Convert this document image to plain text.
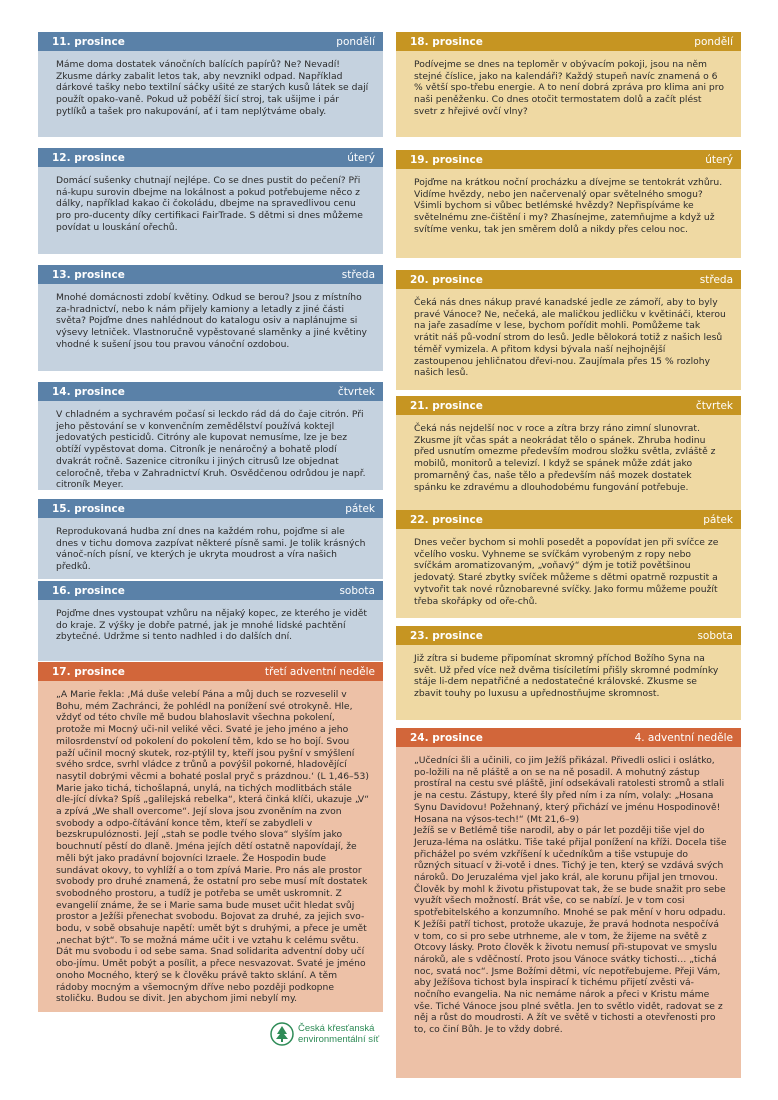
11. prosince	pondělí

Máme doma dostatek vánočních balících papírů? Ne? Nevadí! Zkusme dárky zabalit letos tak, aby nevznikl odpad. Například dárkové tašky nebo textilní sáčky ušité ze starých kusů látek se dají použít opako-vaně. Pokud už poběží šicí stroj, tak ušijme i pár pytlíků a tašek pro nakupování, ať i tam neplýtváme obaly.

12. prosince	úterý

Domácí sušenky chutnají nejlépe. Co se dnes pustit do pečení? Při ná-kupu surovin dbejme na lokálnost a pokud potřebujeme něco z dálky, například kakao či čokoládu, dbejme na spravedlivou cenu pro pro-ducenty díky certifikaci FairTrade. S dětmi si dnes můžeme povídat u louskání ořechů.

13. prosince	středa

Mnohé domácnosti zdobí květiny. Odkud se berou? Jsou z místního za-hradnictví, nebo k nám přijely kamiony a letadly z jiné části světa? Pojďme dnes nahlédnout do katalogu osiv a naplánujme si výsevy letniček. Vlastnoručně vypěstované slaměnky a jiné květiny vhodné k sušení jsou tou pravou vánoční ozdobou.

14. prosince	čtvrtek

V chladném a sychravém počasí si leckdo rád dá do čaje citrón. Při jeho pěstování se v konvenčním zemědělství používá koktejl jedovatých pesticidů. Citróny ale kupovat nemusíme, lze je bez obtíží vypěstovat doma. Citroník je nenáročný a bohatě plodí dvakrát ročně. Sazenice citroníku i jiných citrusů lze objednat celoročně, třeba v Zahradnictví Kruh. Osvědčenou odrůdou je např. citroník Meyer.

15. prosince	pátek

Reprodukovaná hudba zní dnes na každém rohu, pojďme si ale dnes v tichu domova zazpívat některé písně sami. Je tolik krásných vánoč-ních písní, ve kterých je ukryta moudrost a víra našich předků.

16. prosince	sobota

Pojďme dnes vystoupat vzhůru na nějaký kopec, ze kterého je vidět do kraje. Z výšky je dobře patrné, jak je mnohé lidské pachtění zbytečné. Udržme si tento nadhled i do dalších dní.

17. prosince	třetí adventní neděle

„A Marie řekla: ‚Má duše velebí Pána a můj duch se rozveselil v Bohu, mém Zachránci, že pohlédl na ponížení své otrokyně. Hle, vždyť od této chvíle mě budou blahoslavit všechna pokolení, protože mi Mocný uči-nil veliké věci. Svaté je jeho jméno a jeho milosrdenství od pokolení do pokolení těm, kdo se ho bojí. Svou paží učinil mocný skutek, roz-ptýlil ty, kteří jsou pyšní v smýšlení svého srdce, svrhl vládce z trůnů a povýšil pokorné, hladovějící nasytil dobrými věcmi a bohaté poslal pryč s prázdnou.‘ (L 1,46–53)
Marie jako tichá, tichošlapná, unylá, na tichých modlitbách stále dle-jící dívka? Spíš „galilejská rebelka“, která činká klíči, ukazuje „V“ a zpívá „We shall overcome“. Její slova jsou zvoněním na zvon svobody a odpo-čítávání konce těm, kteří se zabydleli v bezskrupulóznosti. Její „stah se podle tvého slova“ slyším jako bouchnutí pěstí do dlaně. Jména jejích dětí ostatně napovídají, že měli být jako pradávní bojovníci Izraele. Že Hospodin bude sundávat okovy, to vyhlíží a o tom zpívá Marie. Pro nás ale prostor svobody pro druhé znamená, že ostatní pro sebe musí mít dostatek svobodného prostoru, a tudíž je potřeba se umět uskromnit. Z evangelií známe, že se i Marie sama bude muset učit hledat svůj prostor a Ježíši přenechat svobodu. Bojovat za druhé, za jejich svo-bodu, v sobě obsahuje napětí: umět být s druhými, a přece je umět „nechat být“. To se možná máme učit i ve vztahu k celému světu. Dát mu svobodu i od sebe sama. Snad solidarita adventní doby učí obo-jímu. Umět pobýt a posílit, a přece nesvazovat. Svaté je jméno onoho Mocného, který se k člověku právě takto sklání. A těm rádoby mocným a všemocným dříve nebo později podkopne stoličku. Budou se divit. Jen abychom jimi nebylí my.

18. prosince	pondělí

Podívejme se dnes na teploměr v obývacím pokoji, jsou na něm stejné číslice, jako na kalendáři? Každý stupeň navíc znamená o 6 % větší spo-třebu energie. A to není dobrá zpráva pro klima ani pro naši peněženku. Co dnes otočit termostatem dolů a začít plést svetr z hřejivé ovčí vlny?

19. prosince	úterý

Pojďme na krátkou noční procházku a dívejme se tentokrát vzhůru. Vidíme hvězdy, nebo jen načervenalý opar světelného smogu? Všimli bychom si vůbec betlémské hvězdy? Nepřispíváme ke světelnému zne-čištění i my? Zhasínejme, zatemňujme a když už svítíme venku, tak jen směrem dolů a nikdy přes celou noc.

20. prosince	středa

Čeká nás dnes nákup pravé kanadské jedle ze zámoří, aby to byly pravé Vánoce? Ne, nečeká, ale maličkou jedličku v květináči, kterou na jaře zasadíme v lese, bychom pořídit mohli. Pomůžeme tak vrátit náš pů-vodní strom do lesů. Jedle bělokorá totiž z našich lesů téměř vymizela. A přitom kdysi bývala naší nejhojnější zastoupenou jehličnatou dřevi-nou. Zaujímala přes 15 % rozlohy našich lesů.

21. prosince	čtvrtek

Čeká nás nejdelší noc v roce a zítra brzy ráno zimní slunovrat. Zkusme jít včas spát a neokrádat tělo o spánek. Zhruba hodinu před usnutím omezme především modrou složku světla, zvláště z mobilů, monitorů a televizí. I když se spánek může zdát jako promarněný čas, naše tělo a především náš mozek dostatek spánku ke zdravému a dlouhodobému fungování potřebuje.

22. prosince	pátek

Dnes večer bychom si mohli posedět a popovídat jen při svíčce ze včelího vosku. Vyhneme se svíčkám vyrobeným z ropy nebo svíčkám aromatizovaným, „voňavý“ dým je totiž povětšinou jedovatý. Staré zbytky svíček můžeme s dětmi opatrně rozpustit a vytvořit tak nové různobarevné svíčky. Jako formu můžeme použít třeba skořápky od oře-chů.

23. prosince	sobota

Již zítra si budeme připomínat skromný příchod Božího Syna na svět. Už před více než dvěma tisíciletími přišly skromné podmínky stáje li-dem nepatřičné a nedostatečné královské. Zkusme se zbavit touhy po luxusu a upřednostňujme skromnost.

24. prosince	4. adventní neděle

„Učedníci šli a učinili, co jim Ježíš přikázal. Přivedli oslici i oslátko, po-ložili na ně pláště a on se na ně posadil. A mohutný zástup prostíral na cestu své pláště, jiní odsekávali ratolesti stromů a stlali je na cestu. Zástupy, které šly před ním i za ním, volaly: „Hosana Synu Davidovu! Požehnaný, který přichází ve jménu Hospodinově! Hosana na výsos-tech!“ (Mt 21,6–9)
Ježíš se v Betlémě tiše narodil, aby o pár let později tiše vjel do Jeruza-léma na oslátku. Tiše také přijal ponížení na kříži. Docela tiše přichážel po svém vzkříšení k učedníkům a tiše vstupuje do různých situací v ži-votě i dnes. Tichý je ten, který se vzdává svých nároků. Do Jeruzaléma vjel jako král, ale korunu přijal jen trnovou. Člověk by mohl k životu přistupovat tak, že se bude snažit pro sebe využít všech možností. Brát vše, co se nabízí. Je v tom cosi spotřebitelského a konzumního. Mnohé se pak mění v horu odpadu. K Ježíši patří tichost, protože ukazuje, že pravá hodnota nespočívá v tom, co si pro sebe utrhneme, ale v tom, že žijeme na světě z Otcovy lásky. Proto člověk k životu nemusí při-stupovat ve smyslu nároků, ale s vděčností. Proto jsou Vánoce svátky tichosti… „tichá noc, svatá noc“. Jsme Božími dětmi, víc nepotřebujeme. Přeji Vám, aby Ježíšova tichost byla inspirací k tichému přijetí zvěsti vá-nočního evangelia. Na nic nemáme nárok a přeci v Kristu máme vše. Tiché Vánoce jsou plné světla. Jen to světlo vidět, radovat se z něj a růst do moudrosti. A žít ve světě v tichosti a otevřenosti pro to, co činí Bůh. Je to vždy dobré.

Česká křesťanská
environmentální síť
